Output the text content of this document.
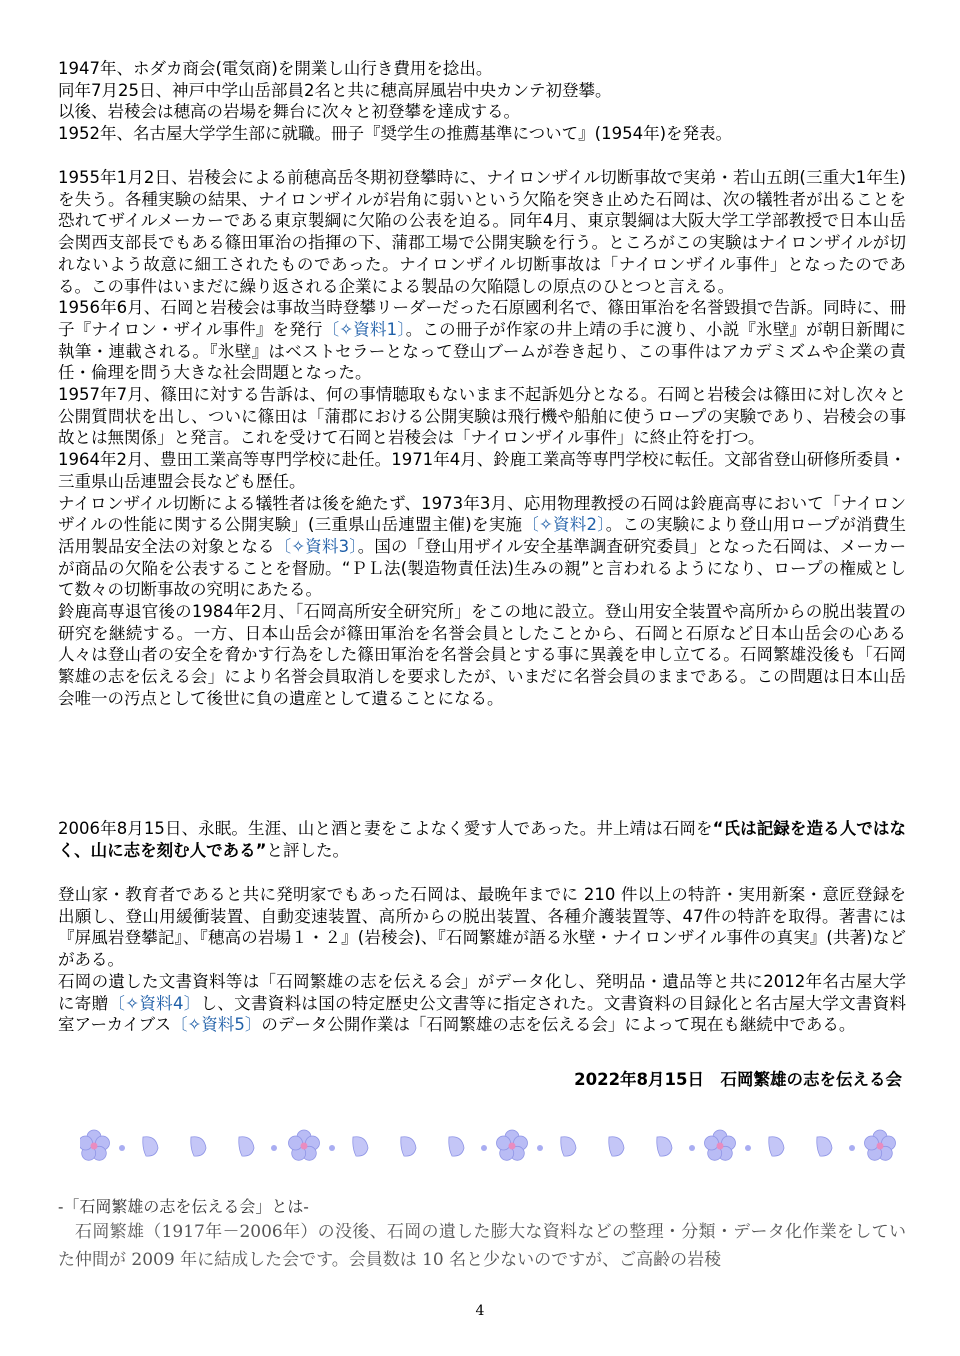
1947年、ホダカ商会(電気商)を開業し山行き費用を捻出。

同年7月25日、神戸中学山岳部員2名と共に穂高屏風岩中央カンテ初登攀。

以後、岩稜会は穂高の岩場を舞台に次々と初登攀を達成する。

1952年、名古屋大学学生部に就職。冊子『奨学生の推薦基準について』(1954年)を発表。

1955年1月2日、岩稜会による前穂高岳冬期初登攀時に、ナイロンザイル切断事故で実弟・若山五朗(三重大1年生)を失う。各種実験の結果、ナイロンザイルが岩角に弱いという欠陥を突き止めた石岡は、次の犠牲者が出ることを恐れてザイルメーカーである東京製綱に欠陥の公表を迫る。同年4月、東京製綱は大阪大学工学部教授で日本山岳会関西支部長でもある篠田軍治の指揮の下、蒲郡工場で公開実験を行う。ところがこの実験はナイロンザイルが切れないよう故意に細工されたものであった。ナイロンザイル切断事故は「ナイロンザイル事件」となったのである。この事件はいまだに繰り返される企業による製品の欠陥隠しの原点のひとつと言える。

1956年6月、石岡と岩稜会は事故当時登攀リーダーだった石原國利名で、篠田軍治を名誉毀損で告訴。同時に、冊子『ナイロン・ザイル事件』を発行〔✧資料1〕。この冊子が作家の井上靖の手に渡り、小説『氷壁』が朝日新聞に執筆・連載される。『氷壁』はベストセラーとなって登山ブームが巻き起り、この事件はアカデミズムや企業の責任・倫理を問う大きな社会問題となった。

1957年7月、篠田に対する告訴は、何の事情聴取もないまま不起訴処分となる。石岡と岩稜会は篠田に対し次々と公開質問状を出し、ついに篠田は「蒲郡における公開実験は飛行機や船舶に使うロープの実験であり、岩稜会の事故とは無関係」と発言。これを受けて石岡と岩稜会は「ナイロンザイル事件」に終止符を打つ。

1964年2月、豊田工業高等専門学校に赴任。1971年4月、鈴鹿工業高等専門学校に転任。文部省登山研修所委員・三重県山岳連盟会長なども歴任。

ナイロンザイル切断による犠牲者は後を絶たず、1973年3月、応用物理教授の石岡は鈴鹿高専において「ナイロンザイルの性能に関する公開実験」(三重県山岳連盟主催)を実施〔✧資料2〕。この実験により登山用ロープが消費生活用製品安全法の対象となる〔✧資料3〕。国の「登山用ザイル安全基準調査研究委員」となった石岡は、メーカーが商品の欠陥を公表することを督励。“ＰＬ法(製造物責任法)生みの親”と言われるようになり、ロープの権威として数々の切断事故の究明にあたる。

鈴鹿高専退官後の1984年2月、「石岡高所安全研究所」をこの地に設立。登山用安全装置や高所からの脱出装置の研究を継続する。一方、日本山岳会が篠田軍治を名誉会員としたことから、石岡と石原など日本山岳会の心ある人々は登山者の安全を脅かす行為をした篠田軍治を名誉会員とする事に異義を申し立てる。石岡繁雄没後も「石岡繁雄の志を伝える会」により名誉会員取消しを要求したが、いまだに名誉会員のままである。この問題は日本山岳会唯一の汚点として後世に負の遺産として遺ることになる。

2006年8月15日、永眠。生涯、山と酒と妻をこよなく愛す人であった。井上靖は石岡を“氏は記録を造る人ではなく、山に志を刻む人である”と評した。

登山家・教育者であると共に発明家でもあった石岡は、最晩年までに 210 件以上の特許・実用新案・意匠登録を出願し、登山用緩衝装置、自動変速装置、高所からの脱出装置、各種介護装置等、47件の特許を取得。著書には『屏風岩登攀記』、『穂高の岩場１・２』(岩稜会)、『石岡繁雄が語る氷壁・ナイロンザイル事件の真実』(共著)などがある。

石岡の遺した文書資料等は「石岡繁雄の志を伝える会」がデータ化し、発明品・遺品等と共に2012年名古屋大学に寄贈〔✧資料4〕し、文書資料は国の特定歴史公文書等に指定された。文書資料の目録化と名古屋大学文書資料室アーカイブス〔✧資料5〕のデータ公開作業は「石岡繁雄の志を伝える会」によって現在も継続中である。

2022年8月15日　石岡繁雄の志を伝える会
-「石岡繁雄の志を伝える会」とは-

石岡繁雄（1917年－2006年）の没後、石岡の遺した膨大な資料などの整理・分類・データ化作業をしていた仲間が 2009 年に結成した会です。会員数は 10 名と少ないのですが、ご高齢の岩稜

4
